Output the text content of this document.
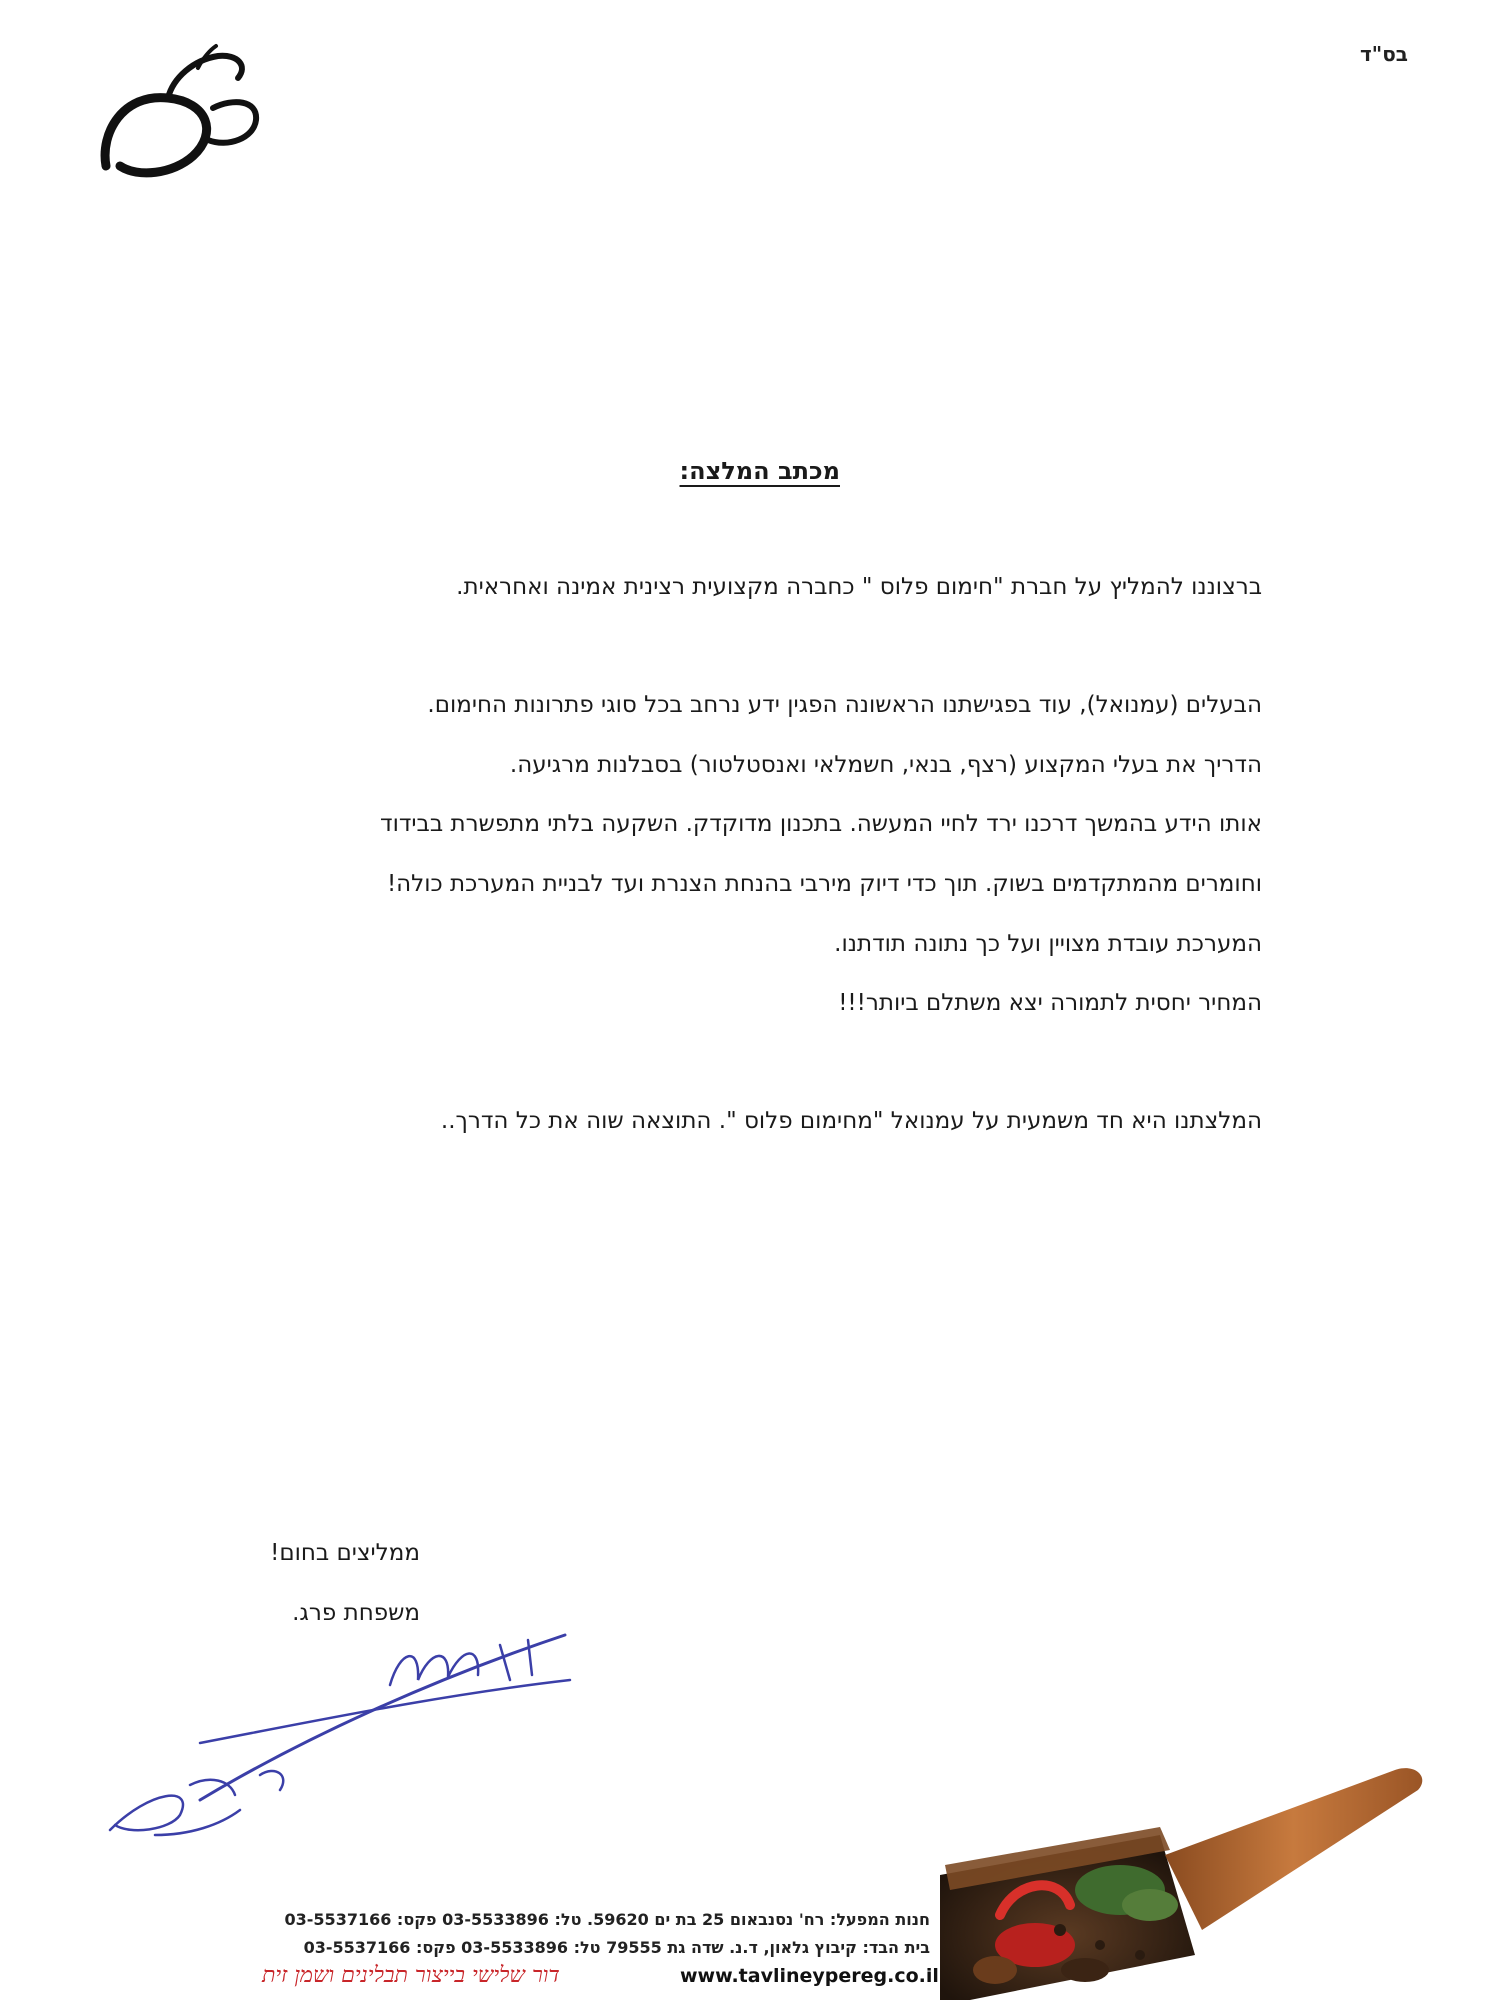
בס"ד
מכתב המלצה:
ברצוננו להמליץ על חברת "חימום פלוס " כחברה מקצועית רצינית אמינה ואחראית.
הבעלים (עמנואל), עוד בפגישתנו הראשונה הפגין ידע נרחב בכל סוגי פתרונות החימום.
הדריך את בעלי המקצוע (רצף, בנאי, חשמלאי ואנסטלטור) בסבלנות מרגיעה.
אותו הידע בהמשך דרכנו ירד לחיי המעשה. בתכנון מדוקדק. השקעה בלתי מתפשרת בבידוד
וחומרים מהמתקדמים בשוק. תוך כדי דיוק מירבי בהנחת הצנרת ועד לבניית המערכת כולה!
המערכת עובדת מצויין ועל כך נתונה תודתנו.
המחיר יחסית לתמורה יצא משתלם ביותר!!!
המלצתנו היא חד משמעית על עמנואל "מחימום פלוס ". התוצאה שוה את כל הדרך..
ממליצים בחום!
משפחת פרג.
חנות המפעל: רח' נסנבאום 25 בת ים 59620. טל: 03-5533896 פקס: 03-5537166
בית הבד: קיבוץ גלאון, ד.נ. שדה גת 79555 טל: 03-5533896 פקס: 03-5537166
www.tavlineypereg.co.il
דור שלישי בייצור תבלינים ושמן זית
